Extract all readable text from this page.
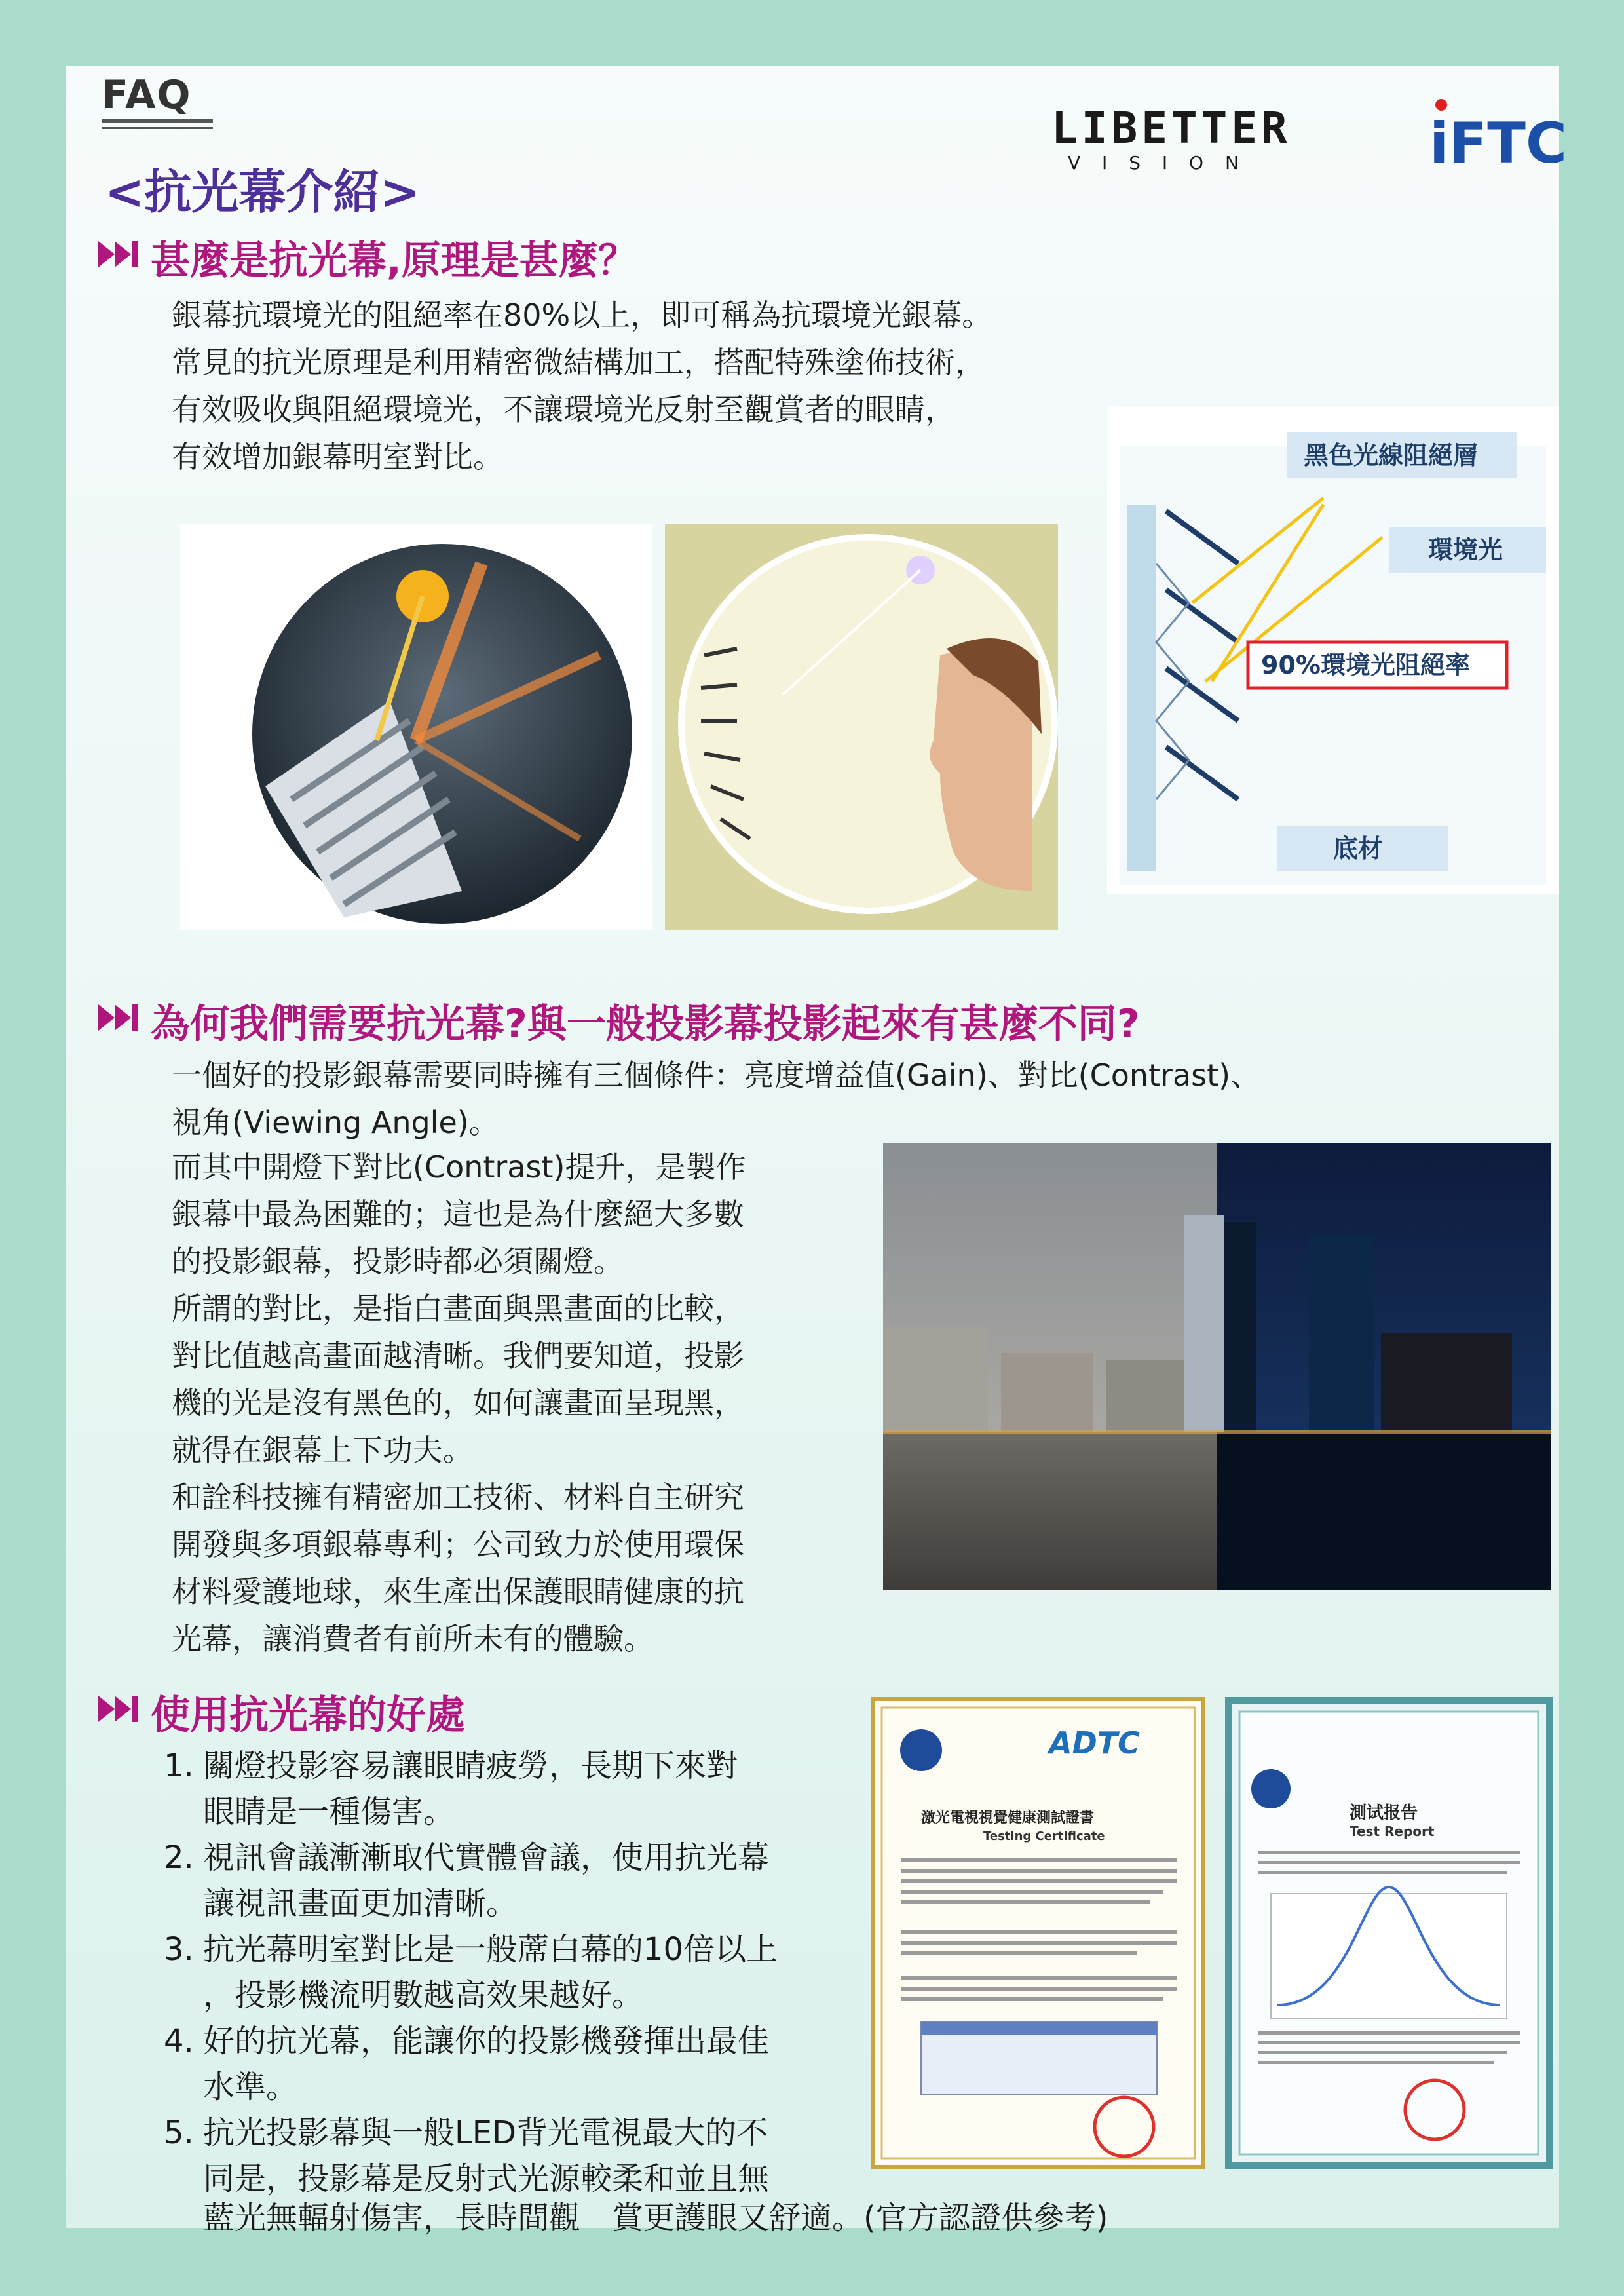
FAQ
LIBETTER
V I S I O N	iFTC
<抗光幕介紹>
甚麼是抗光幕,原理是甚麼？
銀幕抗環境光的阻絕率在80%以上，即可稱為抗環境光銀幕。
常見的抗光原理是利用精密微結構加工，搭配特殊塗佈技術，
有效吸收與阻絕環境光，不讓環境光反射至觀賞者的眼睛，
有效增加銀幕明室對比。	黑色光線阻絕層
環境光
90%環境光阻絕率
底材
為何我們需要抗光幕?與一般投影幕投影起來有甚麼不同?
一個好的投影銀幕需要同時擁有三個條件：亮度增益值(Gain)、對比(Contrast)、
視角(Viewing Angle)。
而其中開燈下對比(Contrast)提升，是製作
銀幕中最為困難的；這也是為什麼絕大多數
的投影銀幕，投影時都必須關燈。
所謂的對比，是指白畫面與黑畫面的比較，
對比值越高畫面越清晰。我們要知道，投影
機的光是沒有黑色的，如何讓畫面呈現黑，
就得在銀幕上下功夫。
和詮科技擁有精密加工技術、材料自主研究
開發與多項銀幕專利；公司致力於使用環保
材料愛護地球，來生產出保護眼睛健康的抗
光幕，讓消費者有前所未有的體驗。
使用抗光幕的好處
1. 關燈投影容易讓眼睛疲勞，長期下來對
眼睛是一種傷害。
2. 視訊會議漸漸取代實體會議，使用抗光幕
讓視訊畫面更加清晰。
3. 抗光幕明室對比是一般蓆白幕的10倍以上
，投影機流明數越高效果越好。
4. 好的抗光幕，能讓你的投影機發揮出最佳
水準。
5. 抗光投影幕與一般LED背光電視最大的不
同是，投影幕是反射式光源較柔和並且無
藍光無輻射傷害，長時間觀　賞更護眼又舒適。(官方認證供參考)
ADTC
激光電視視覺健康測試證書
Testing Certificate
測试报告
Test Report
